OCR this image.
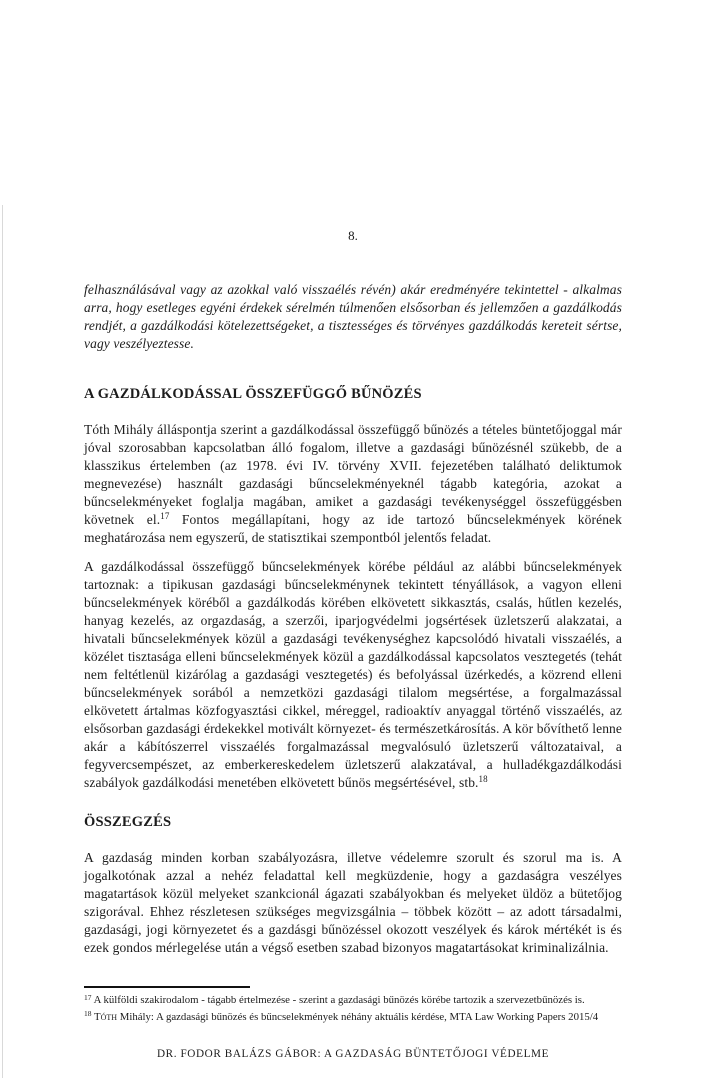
8.

felhasználásával vagy az azokkal való visszaélés révén) akár eredményére tekintettel - alkalmas arra, hogy esetleges egyéni érdekek sérelmén túlmenően elsősorban és jellemzően a gazdálkodás rendjét, a gazdálkodási kötelezettségeket, a tisztességes és törvényes gazdálkodás kereteit sértse, vagy veszélyeztesse.

A GAZDÁLKODÁSSAL ÖSSZEFÜGGŐ BŰNÖZÉS

Tóth Mihály álláspontja szerint a gazdálkodással összefüggő bűnözés a tételes büntetőjoggal már jóval szorosabban kapcsolatban álló fogalom, illetve a gazdasági bűnözésnél szükebb, de a klasszikus értelemben (az 1978. évi IV. törvény XVII. fejezetében található deliktumok megnevezése) használt gazdasági bűncselekményeknél tágabb kategória, azokat a bűncselekményeket foglalja magában, amiket a gazdasági tevékenységgel összefüggésben követnek el.$^{17}$ Fontos megállapítani, hogy az ide tartozó bűncselekmények körének meghatározása nem egyszerű, de statisztikai szempontból jelentős feladat.

A gazdálkodással összefüggő bűncselekmények körébe például az alábbi bűncselekmények tartoznak: a tipikusan gazdasági bűncselekménynek tekintett tényállások, a vagyon elleni bűncselekmények köréből a gazdálkodás körében elkövetett sikkasztás, csalás, hűtlen kezelés, hanyag kezelés, az orgazdaság, a szerzői, iparjogvédelmi jogsértések üzletszerű alakzatai, a hivatali bűncselekmények közül a gazdasági tevékenységhez kapcsolódó hivatali visszaélés, a közélet tisztasága elleni bűncselekmények közül a gazdálkodással kapcsolatos vesztegetés (tehát nem feltétlenül kizárólag a gazdasági vesztegetés) és befolyással üzérkedés, a közrend elleni bűncselekmények sorából a nemzetközi gazdasági tilalom megsértése, a forgalmazással elkövetett ártalmas közfogyasztási cikkel, méreggel, radioaktív anyaggal történő visszaélés, az elsősorban gazdasági érdekekkel motivált környezet- és természetkárosítás. A kör bővíthető lenne akár a kábítószerrel visszaélés forgalmazással megvalósuló üzletszerű változataival, a fegyvercsempészet, az emberkereskedelem üzletszerű alakzatával, a hulladékgazdálkodási szabályok gazdálkodási menetében elkövetett bűnös megsértésével, stb.$^{18}$

ÖSSZEGZÉS

A gazdaság minden korban szabályozásra, illetve védelemre szorult és szorul ma is. A jogalkotónak azzal a nehéz feladattal kell megküzdenie, hogy a gazdaságra veszélyes magatartások közül melyeket szankcionál ágazati szabályokban és melyeket üldöz a bütetőjog szigorával. Ehhez részletesen szükséges megvizsgálnia – többek között – az adott társadalmi, gazdasági, jogi környezetet és a gazdásgi bűnözéssel okozott veszélyek és károk mértékét is és ezek gondos mérlegelése után a végső esetben szabad bizonyos magatartásokat kriminalizálnia.

$^{17}$ A külföldi szakirodalom - tágabb értelmezése - szerint a gazdasági bűnözés körébe tartozik a szervezetbűnözés is.
$^{18}$ Tóth Mihály: A gazdasági bűnözés és bűncselekmények néhány aktuális kérdése, MTA Law Working Papers 2015/4
DR. FODOR BALÁZS GÁBOR: A GAZDASÁG BÜNTETŐJOGI VÉDELME
